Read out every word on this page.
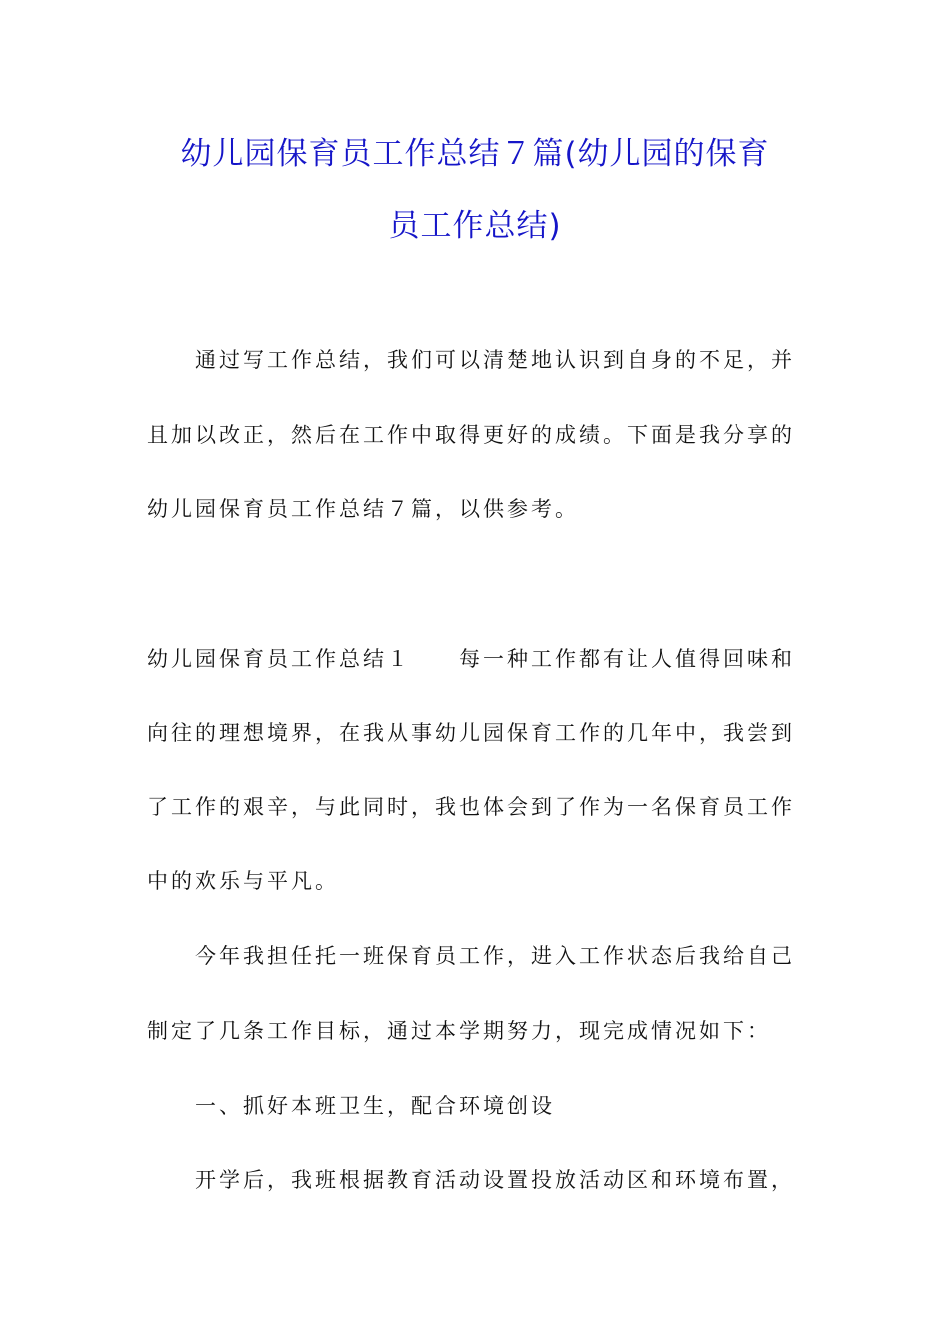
幼儿园保育员工作总结７篇(幼儿园的保育
员工作总结)
通过写工作总结，我们可以清楚地认识到自身的不足，并
且加以改正，然后在工作中取得更好的成绩。下面是我分享的
幼儿园保育员工作总结７篇，以供参考。
幼儿园保育员工作总结１　　每一种工作都有让人值得回味和
向往的理想境界，在我从事幼儿园保育工作的几年中，我尝到
了工作的艰辛，与此同时，我也体会到了作为一名保育员工作
中的欢乐与平凡。
今年我担任托一班保育员工作，进入工作状态后我给自己
制定了几条工作目标，通过本学期努力，现完成情况如下：
一、抓好本班卫生，配合环境创设
开学后，我班根据教育活动设置投放活动区和环境布置，
